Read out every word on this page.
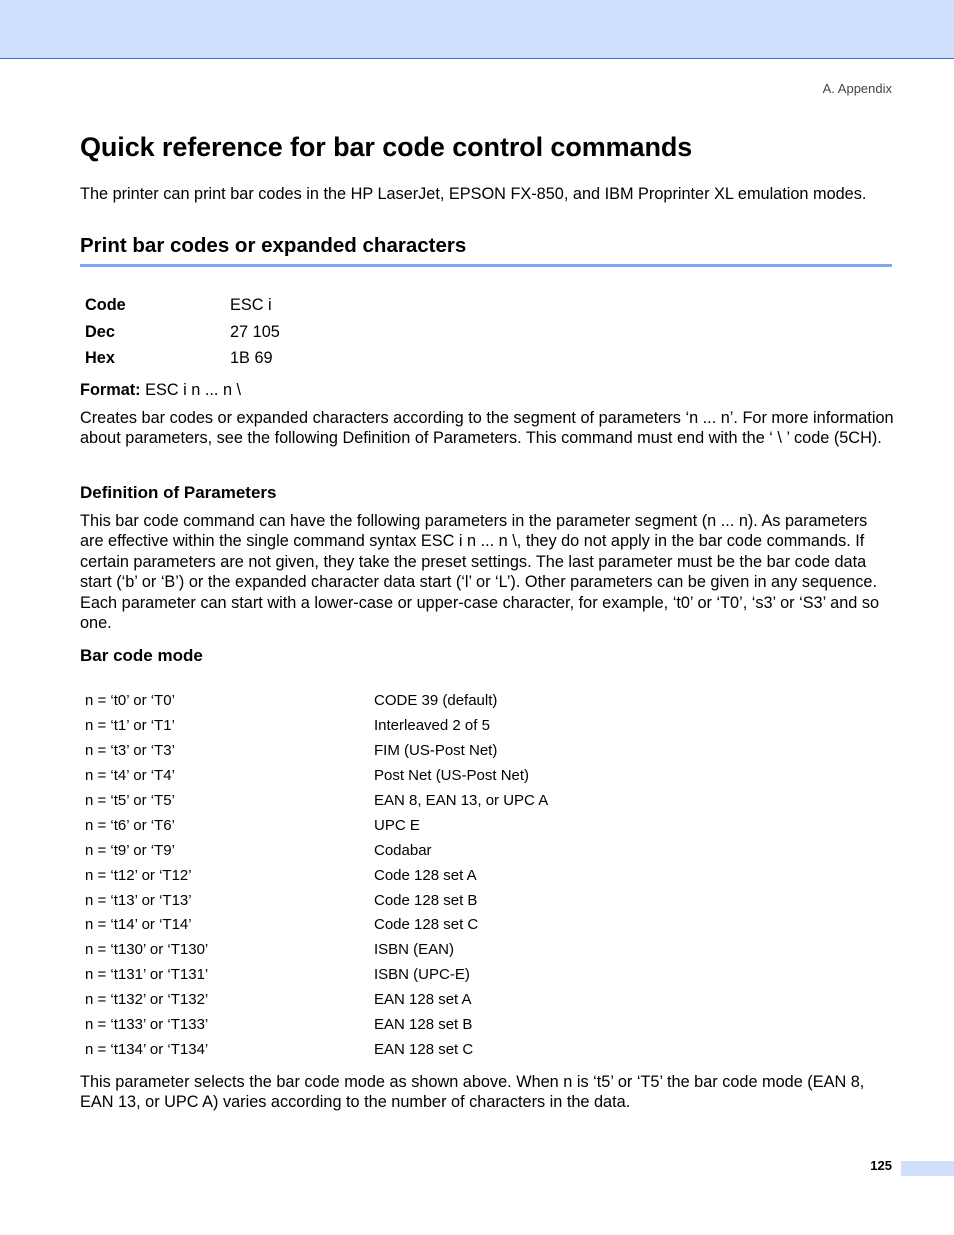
A. Appendix
Quick reference for bar code control commands

The printer can print bar codes in the HP LaserJet, EPSON FX-850, and IBM Proprinter XL emulation modes.

Print bar codes or expanded characters
Code	ESC i
Dec	27 105
Hex	1B 69

Format: ESC i n ... n \

Creates bar codes or expanded characters according to the segment of parameters ‘n ... n’. For more information about parameters, see the following Definition of Parameters. This command must end with the ‘ \ ’ code (5CH).

Definition of Parameters

This bar code command can have the following parameters in the parameter segment (n ... n). As parameters are effective within the single command syntax ESC i n ... n \, they do not apply in the bar code commands. If certain parameters are not given, they take the preset settings. The last parameter must be the bar code data start (‘b’ or ‘B’) or the expanded character data start (‘l’ or ‘L’). Other parameters can be given in any sequence. Each parameter can start with a lower-case or upper-case character, for example, ‘t0’ or ‘T0’, ‘s3’ or ‘S3’ and so one.

Bar code mode
n = ‘t0’ or ‘T0’	CODE 39 (default)
n = ‘t1’ or ‘T1’	Interleaved 2 of 5
n = ‘t3’ or ‘T3’	FIM (US-Post Net)
n = ‘t4’ or ‘T4’	Post Net (US-Post Net)
n = ‘t5’ or ‘T5’	EAN 8, EAN 13, or UPC A
n = ‘t6’ or ‘T6’	UPC E
n = ‘t9’ or ‘T9’	Codabar
n = ‘t12’ or ‘T12’	Code 128 set A
n = ‘t13’ or ‘T13’	Code 128 set B
n = ‘t14’ or ‘T14’	Code 128 set C
n = ‘t130’ or ‘T130’	ISBN (EAN)
n = ‘t131’ or ‘T131’	ISBN (UPC-E)
n = ‘t132’ or ‘T132’	EAN 128 set A
n = ‘t133’ or ‘T133’	EAN 128 set B
n = ‘t134’ or ‘T134’	EAN 128 set C

This parameter selects the bar code mode as shown above. When n is ‘t5’ or ‘T5’ the bar code mode (EAN 8, EAN 13, or UPC A) varies according to the number of characters in the data.

125
